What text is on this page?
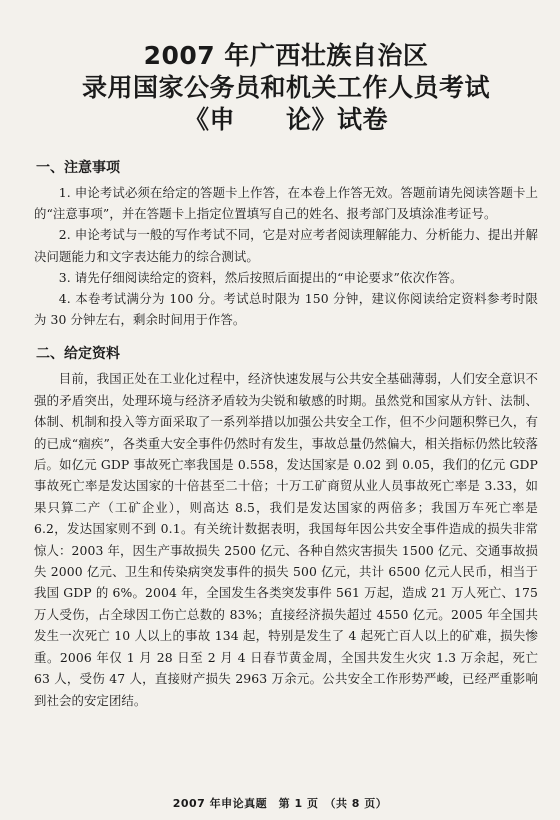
2007 年广西壮族自治区
录用国家公务员和机关工作人员考试
《申　　论》试卷
一、注意事项

1. 申论考试必须在给定的答题卡上作答，在本卷上作答无效。答题前请先阅读答题卡上的“注意事项”，并在答题卡上指定位置填写自己的姓名、报考部门及填涂准考证号。

2. 申论考试与一般的写作考试不同，它是对应考者阅读理解能力、分析能力、提出并解决问题能力和文字表达能力的综合测试。

3. 请先仔细阅读给定的资料，然后按照后面提出的“申论要求”依次作答。

4. 本卷考试满分为 100 分。考试总时限为 150 分钟，建议你阅读给定资料参考时限为 30 分钟左右，剩余时间用于作答。

二、给定资料

目前，我国正处在工业化过程中，经济快速发展与公共安全基础薄弱，人们安全意识不强的矛盾突出，处理环境与经济矛盾较为尖锐和敏感的时期。虽然党和国家从方针、法制、体制、机制和投入等方面采取了一系列举措以加强公共安全工作，但不少问题积弊已久，有的已成“痼疾”，各类重大安全事件仍然时有发生，事故总量仍然偏大，相关指标仍然比较落后。如亿元 GDP 事故死亡率我国是 0.558，发达国家是 0.02 到 0.05，我们的亿元 GDP 事故死亡率是发达国家的十倍甚至二十倍；十万工矿商贸从业人员事故死亡率是 3.33，如果只算二产（工矿企业），则高达 8.5，我们是发达国家的两倍多；我国万车死亡率是 6.2，发达国家则不到 0.1。有关统计数据表明，我国每年因公共安全事件造成的损失非常惊人：2003 年，因生产事故损失 2500 亿元、各种自然灾害损失 1500 亿元、交通事故损失 2000 亿元、卫生和传染病突发事件的损失 500 亿元，共计 6500 亿元人民币，相当于我国 GDP 的 6%。2004 年，全国发生各类突发事件 561 万起，造成 21 万人死亡、175 万人受伤，占全球因工伤亡总数的 83%；直接经济损失超过 4550 亿元。2005 年全国共发生一次死亡 10 人以上的事故 134 起，特别是发生了 4 起死亡百人以上的矿难，损失惨重。2006 年仅 1 月 28 日至 2 月 4 日春节黄金周，全国共发生火灾 1.3 万余起，死亡 63 人，受伤 47 人，直接财产损失 2963 万余元。公共安全工作形势严峻，已经严重影响到社会的安定团结。

2007 年申论真题　第 1 页　（共 8 页）
